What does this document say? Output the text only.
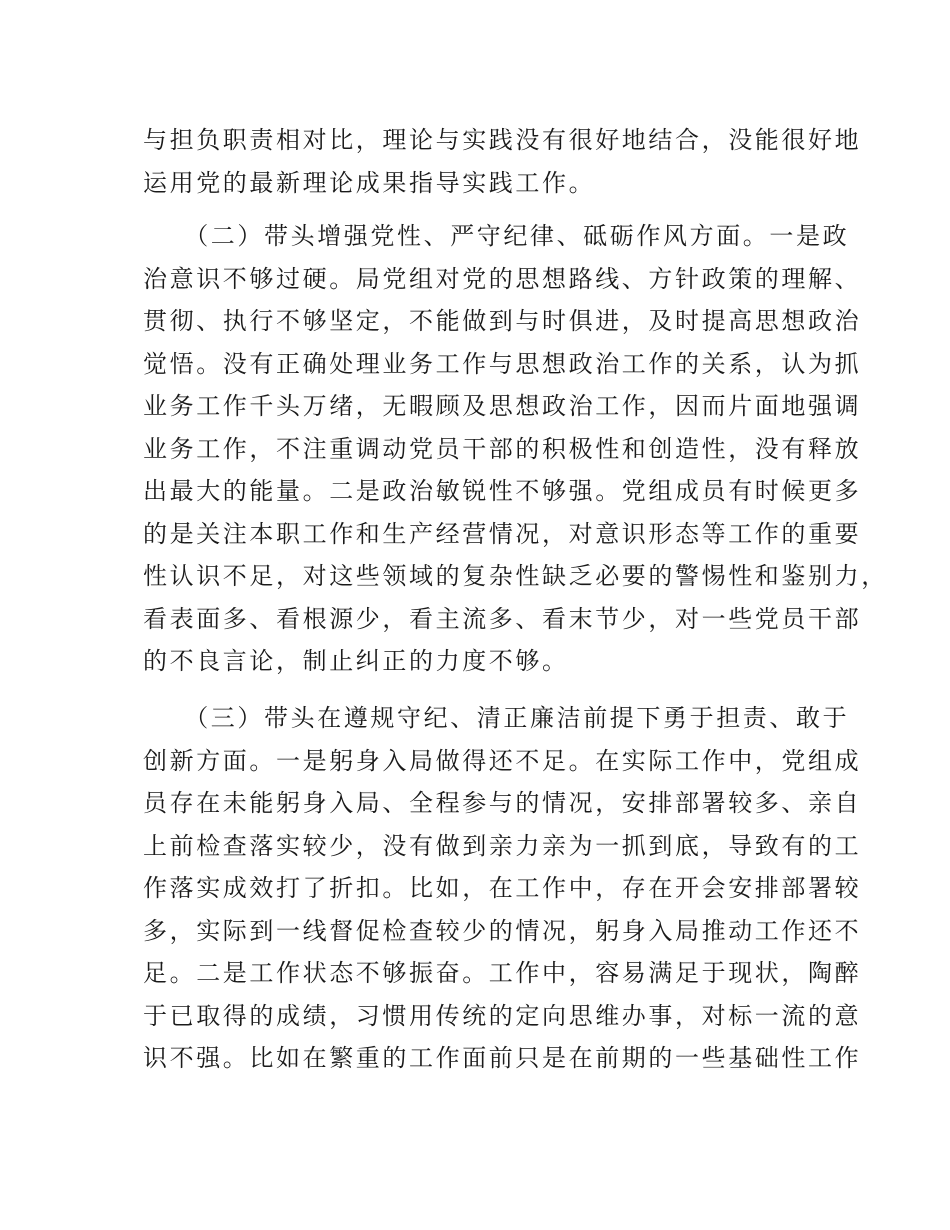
与担负职责相对比，理论与实践没有很好地结合，没能很好地
运用党的最新理论成果指导实践工作。
　　（二）带头增强党性、严守纪律、砥砺作风方面。一是政
治意识不够过硬。局党组对党的思想路线、方针政策的理解、
贯彻、执行不够坚定，不能做到与时俱进，及时提高思想政治
觉悟。没有正确处理业务工作与思想政治工作的关系，认为抓
业务工作千头万绪，无暇顾及思想政治工作，因而片面地强调
业务工作，不注重调动党员干部的积极性和创造性，没有释放
出最大的能量。二是政治敏锐性不够强。党组成员有时候更多
的是关注本职工作和生产经营情况，对意识形态等工作的重要
性认识不足，对这些领域的复杂性缺乏必要的警惕性和鉴别力，
看表面多、看根源少，看主流多、看末节少，对一些党员干部
的不良言论，制止纠正的力度不够。
　　（三）带头在遵规守纪、清正廉洁前提下勇于担责、敢于
创新方面。一是躬身入局做得还不足。在实际工作中，党组成
员存在未能躬身入局、全程参与的情况，安排部署较多、亲自
上前检查落实较少，没有做到亲力亲为一抓到底，导致有的工
作落实成效打了折扣。比如，在工作中，存在开会安排部署较
多，实际到一线督促检查较少的情况，躬身入局推动工作还不
足。二是工作状态不够振奋。工作中，容易满足于现状，陶醉
于已取得的成绩，习惯用传统的定向思维办事，对标一流的意
识不强。比如在繁重的工作面前只是在前期的一些基础性工作
